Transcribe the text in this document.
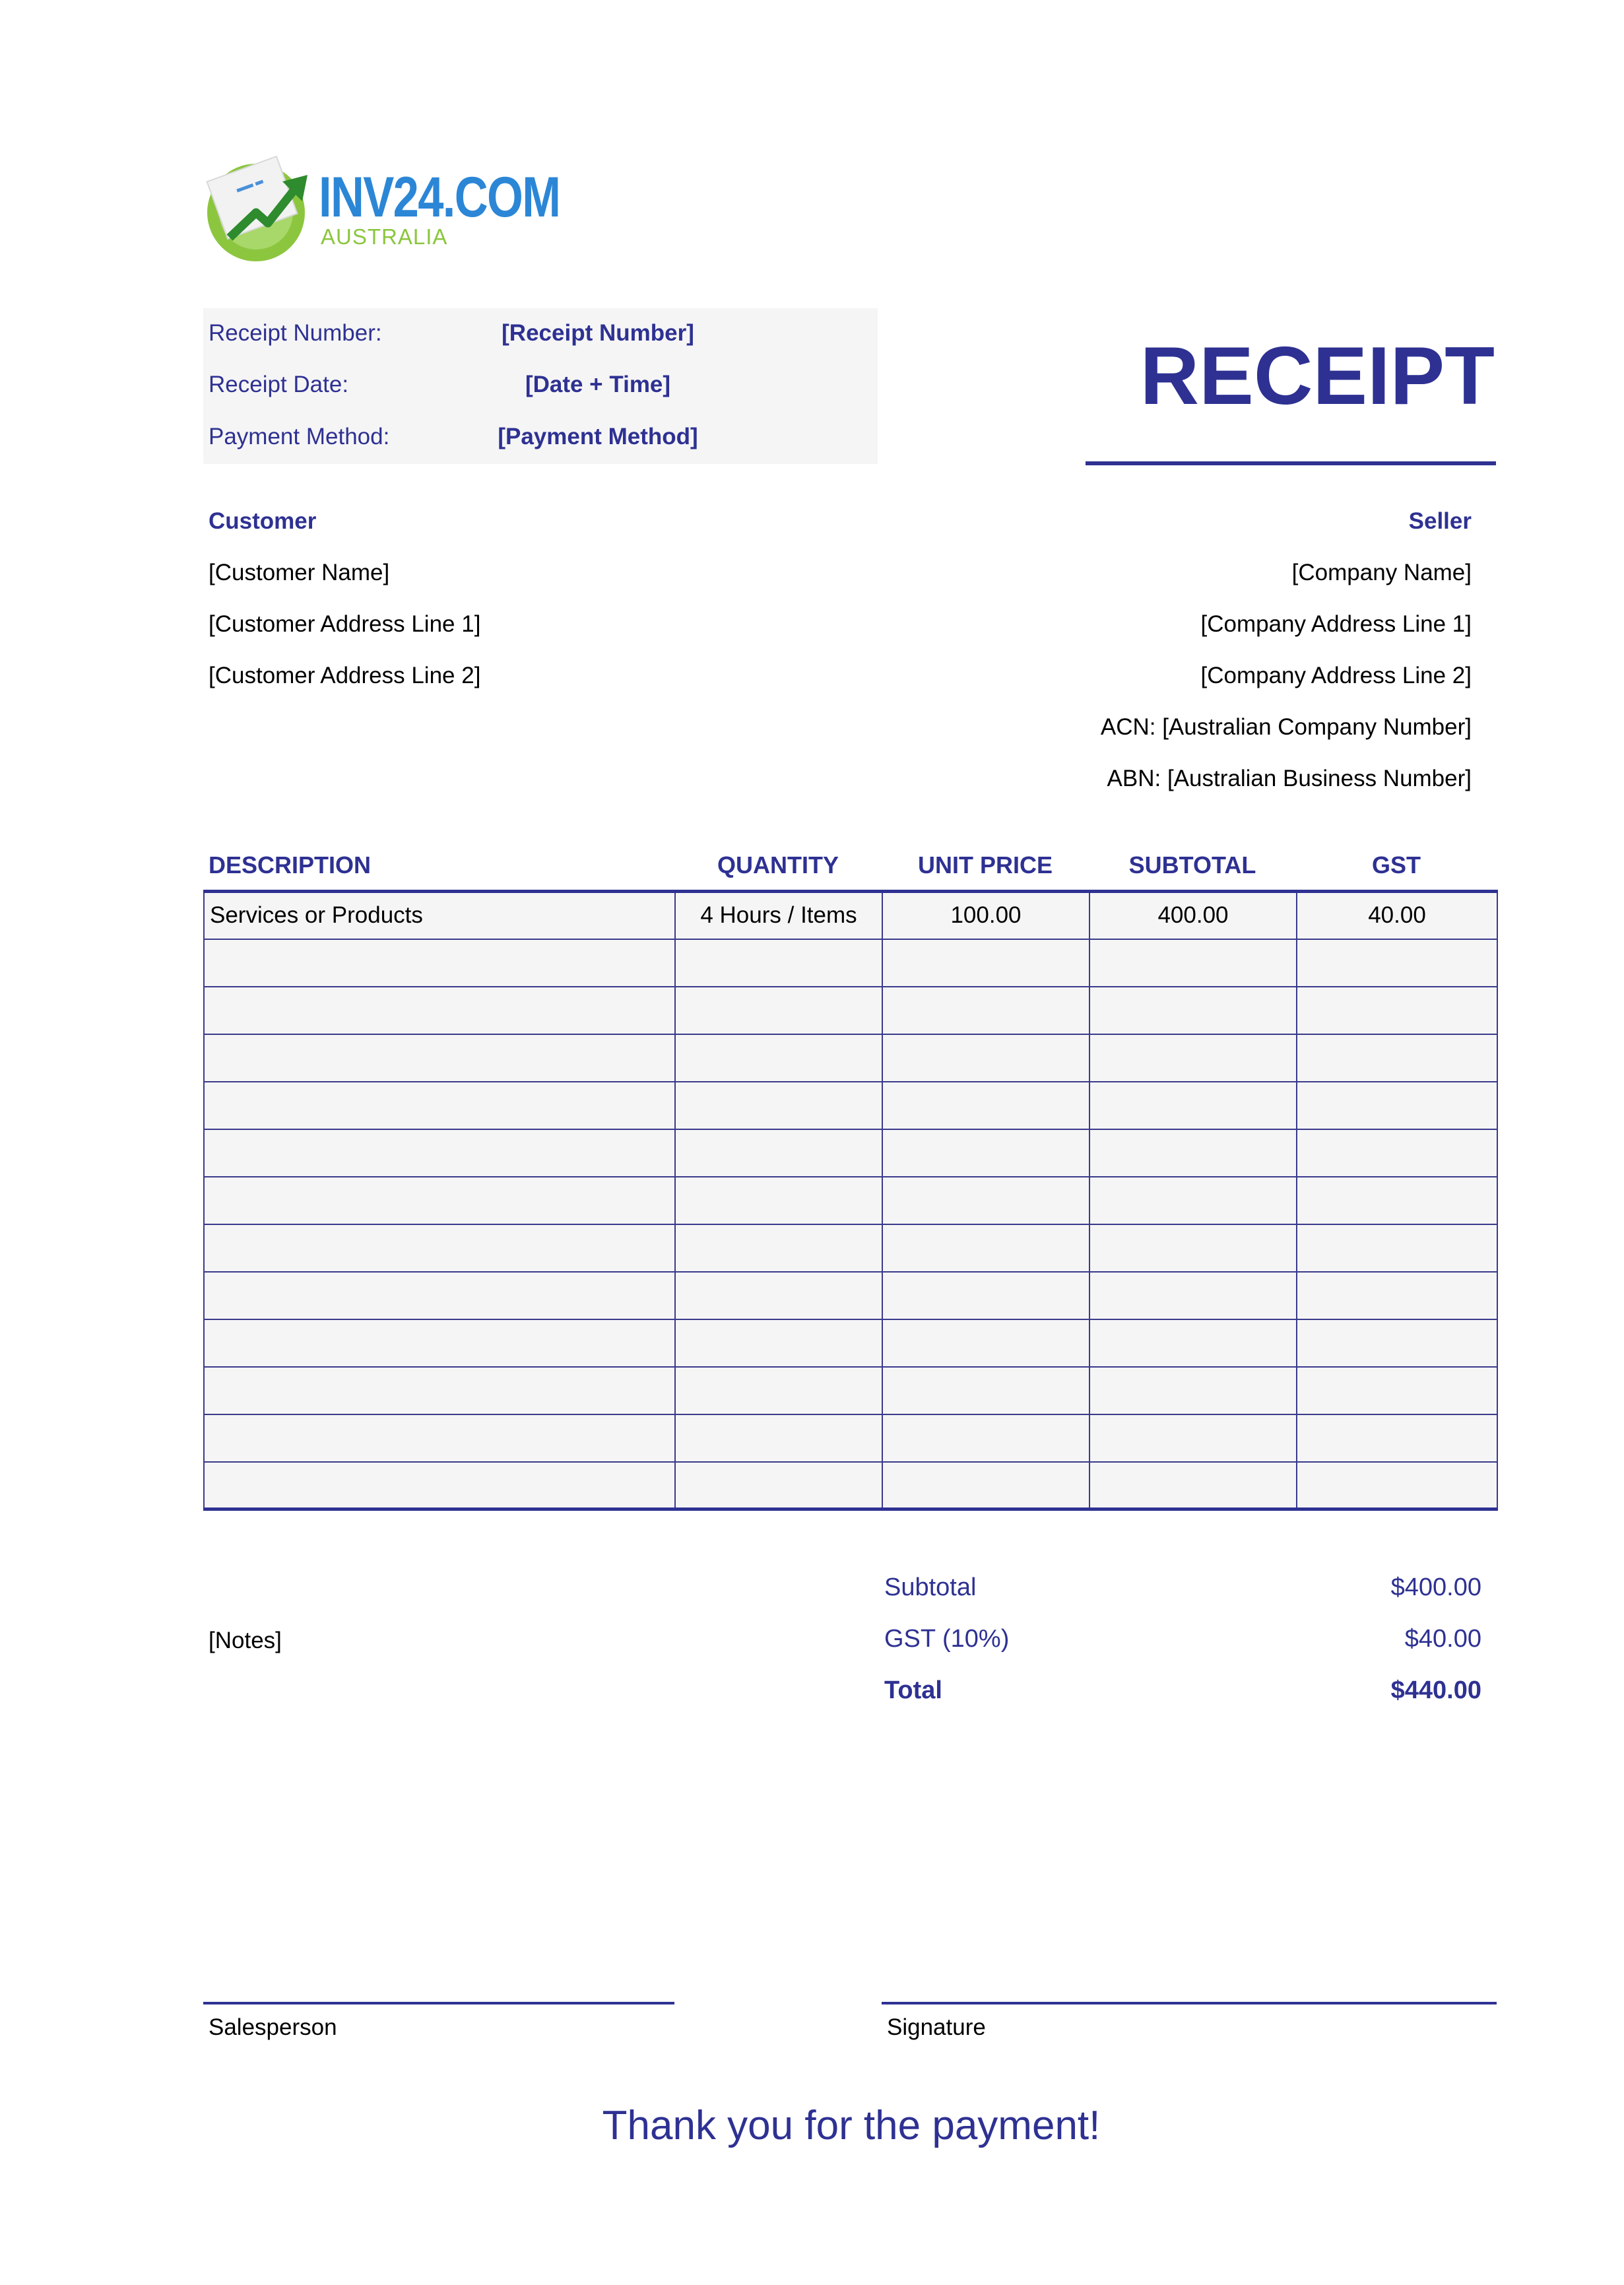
INV24.COM
AUSTRALIA
Receipt Number:	[Receipt Number]
Receipt Date:	[Date + Time]
Payment Method:	[Payment Method]
RECEIPT
Customer
[Customer Name]
[Customer Address Line 1]
[Customer Address Line 2]
Seller
[Company Name]
[Company Address Line 1]
[Company Address Line 2]
ACN: [Australian Company Number]
ABN: [Australian Business Number]
DESCRIPTION	QUANTITY	UNIT PRICE	SUBTOTAL	GST
Services or Products	4 Hours / Items	100.00	400.00	40.00

Subtotal	$400.00
GST (10%)	$40.00
Total	$440.00
[Notes]
Salesperson	Signature
Thank you for the payment!
